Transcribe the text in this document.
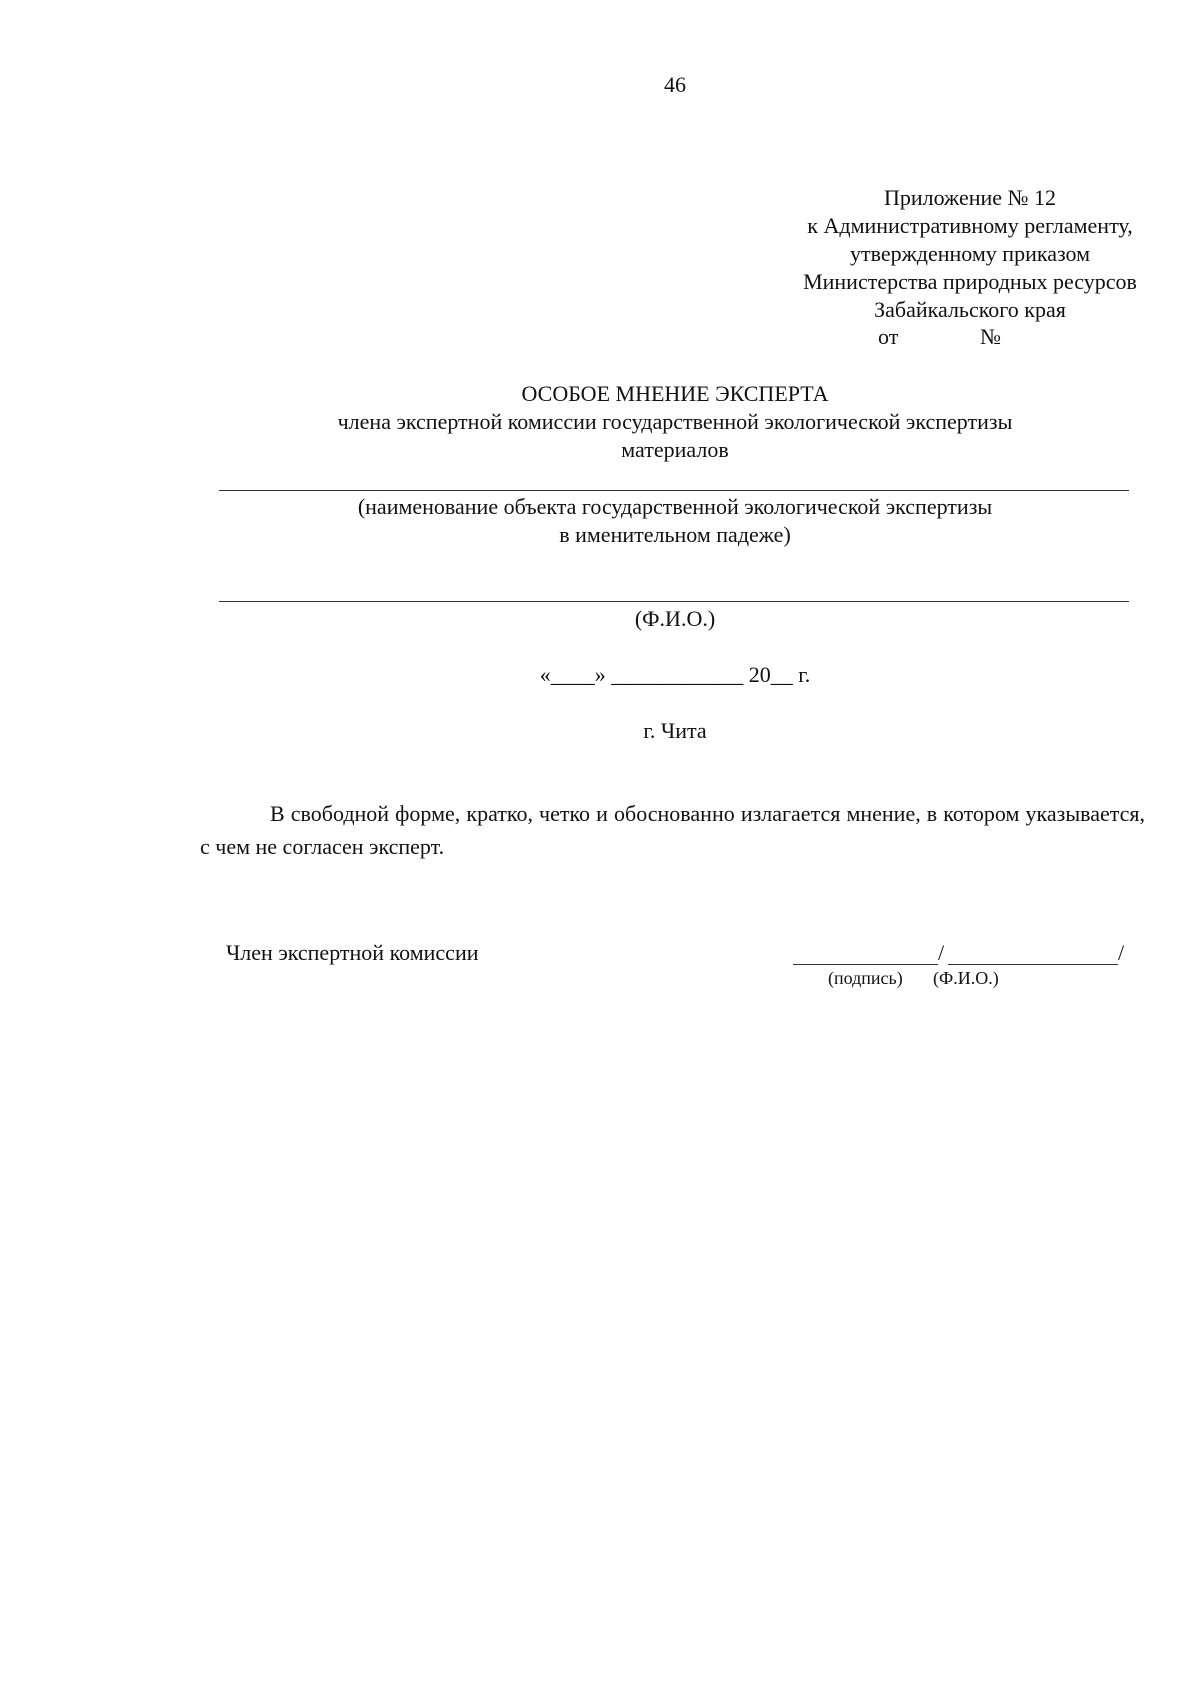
46
Приложение № 12
к Административному регламенту,
утвержденному приказом
Министерства природных ресурсов
Забайкальского края
от	№
ОСОБОЕ МНЕНИЕ ЭКСПЕРТА
члена экспертной комиссии государственной экологической экспертизы
материалов
(наименование объекта государственной экологической экспертизы
в именительном падеже)
(Ф.И.О.)
«____» ____________ 20__ г.
г. Чита
В свободной форме, кратко, четко и обоснованно излагается мнение, в котором указывается, с чем не согласен эксперт.
Член экспертной комиссии	/	/
(подпись) (Ф.И.О.)
